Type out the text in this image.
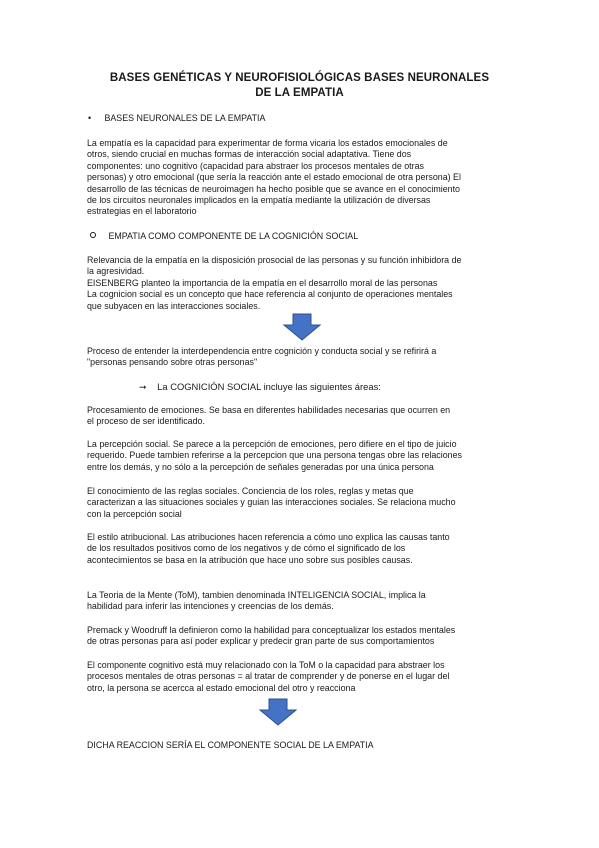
BASES GENÉTICAS Y NEUROFISIOLÓGICAS BASES NEURONALES
DE LA EMPATIA
• BASES NEURONALES DE LA EMPATIA
La empatía es la capacidad para experimentar de forma vicaria los estados emocionales de
otros, siendo crucial en muchas formas de interacción social adaptativa. Tiene dos
componentes: uno cognitivo (capacidad para abstraer los procesos mentales de otras
personas) y otro emocional (que sería la reacción ante el estado emocional de otra persona) El
desarrollo de las técnicas de neuroimagen ha hecho posible que se avance en el conocimiento
de los circuitos neuronales implicados en la empatía mediante la utilización de diversas
estrategias en el laboratorio
EMPATIA COMO COMPONENTE DE LA COGNICIÓN SOCIAL
Relevancia de la empatía en la disposición prosocial de las personas y su función inhibidora de
la agresividad.
EISENBERG planteo la importancia de la empatía en el desarrollo moral de las personas
La cognicion social es un concepto que hace referencia al conjunto de operaciones mentales
que subyacen en las interacciones sociales.
Proceso de entender la interdependencia entre cognición y conducta social y se refirirá a
"personas pensando sobre otras personas"
➞ La COGNICIÓN SOCIAL incluye las siguientes áreas:
Procesamiento de emociones. Se basa en diferentes habilidades necesarias que ocurren en
el proceso de ser identificado.
La percepción social. Se parece a la percepción de emociones, pero difiere en el tipo de juicio
requerido. Puede tambien referirse a la percepcion que una persona tengas obre las relaciones
entre los demás, y no sólo a la percepción de señales generadas por una única persona
El conocimiento de las reglas sociales. Conciencia de los roles, reglas y metas que
caracterizan a las situaciones sociales y guian las interacciones sociales. Se relaciona mucho
con la percepción social
El estilo atribucional. Las atribuciones hacen referencia a cómo uno explica las causas tanto
de los resultados positivos como de los negativos y de cómo el significado de los
acontecimientos se basa en la atribución que hace uno sobre sus posibles causas.
La Teoria de la Mente (ToM), tambien denominada INTELIGENCIA SOCIAL, implica la
habilidad para inferir las intenciones y creencias de los demás.
Premack y Woodruff la definieron como la habilidad para conceptualizar los estados mentales
de otras personas para así poder explicar y predecir gran parte de sus comportamientos
El componente cognitivo está muy relacionado con la ToM o la capacidad para abstraer los
procesos mentales de otras personas = al tratar de comprender y de ponerse en el lugar del
otro, la persona se acercca al estado emocional del otro y reacciona
DICHA REACCION SERÍA EL COMPONENTE SOCIAL DE LA EMPATIA
